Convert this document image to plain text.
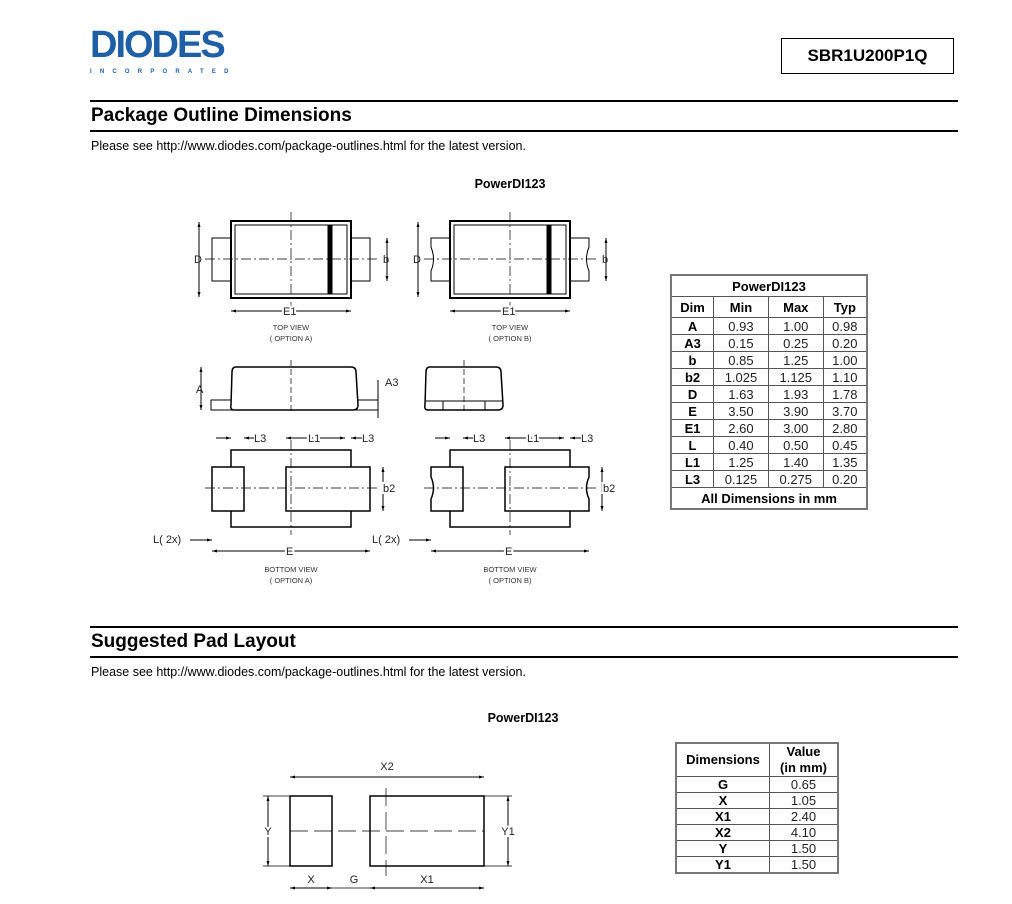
DIODES
INCORPORATED
SBR1U200P1Q
Package Outline Dimensions
Please see http://www.diodes.com/package-outlines.html for the latest version.
PowerDI123
Suggested Pad Layout
Please see http://www.diodes.com/package-outlines.html for the latest version.
PowerDI123
D	b
E1
D	b
E1
A
A3
L3	L1	L3
b2
L( 2x)
E
L3	L1	L3
b2
L( 2x)
E
TOP VIEW
( OPTION A)
TOP VIEW
( OPTION B)
BOTTOM VIEW
( OPTION A)
BOTTOM VIEW
( OPTION B)
X2
Y	Y1
X	G	X1
PowerDI123			
Dim	Min	Max	Typ
A	0.93	1.00	0.98
A3	0.15	0.25	0.20
b	0.85	1.25	1.00
b2	1.025	1.125	1.10
D	1.63	1.93	1.78
E	3.50	3.90	3.70
E1	2.60	3.00	2.80
L	0.40	0.50	0.45
L1	1.25	1.40	1.35
L3	0.125	0.275	0.20
All Dimensions in mm			
Dimensions	Value
(in mm)

G	0.65
X	1.05
X1	2.40
X2	4.10
Y	1.50
Y1	1.50
